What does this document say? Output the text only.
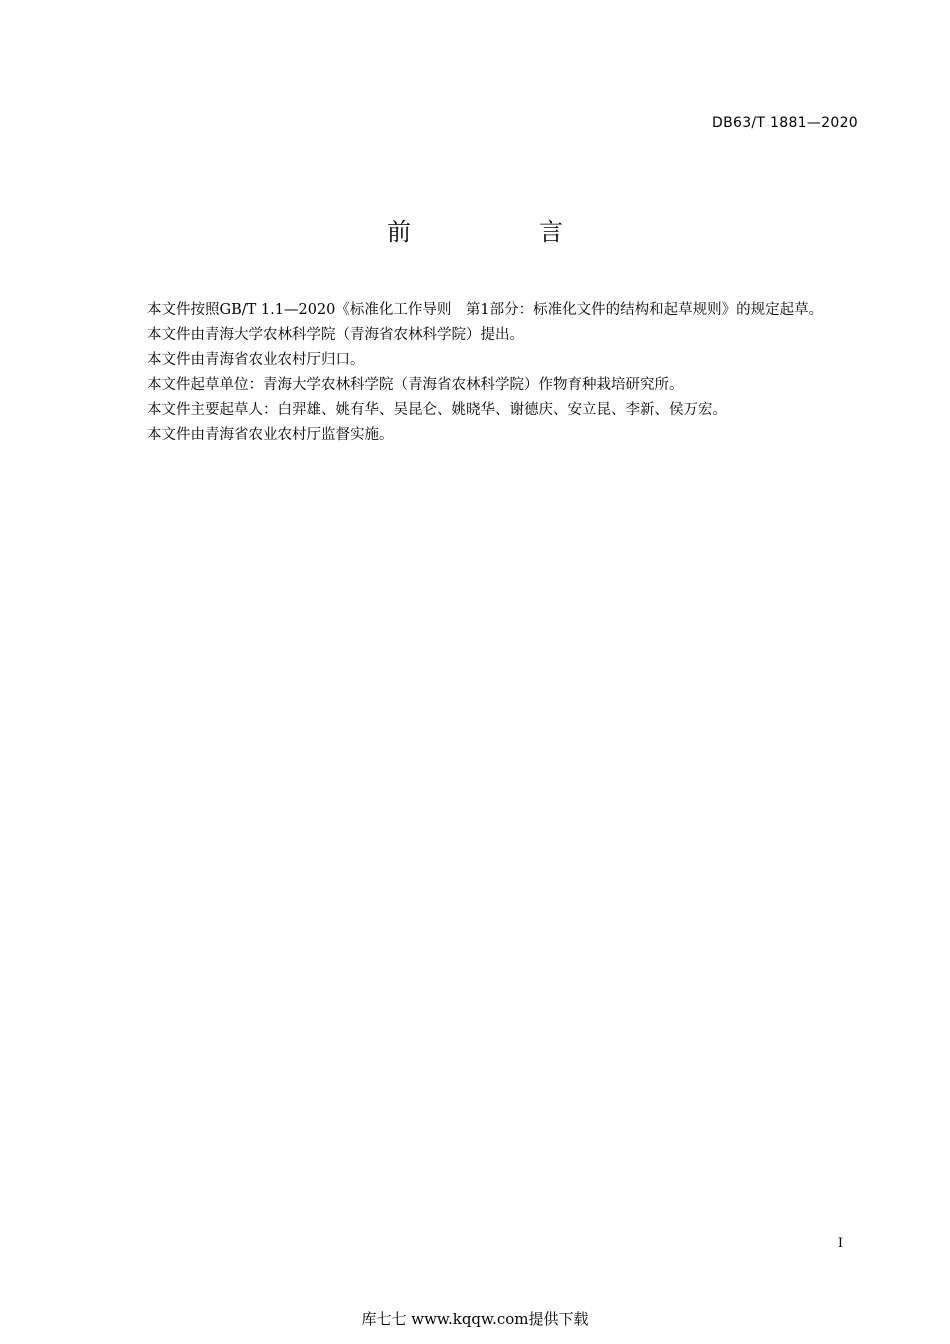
DB63/T 1881—2020
前　言

本文件按照GB/T 1.1—2020《标准化工作导则　第1部分：标准化文件的结构和起草规则》的规定起草。

本文件由青海大学农林科学院（青海省农林科学院）提出。

本文件由青海省农业农村厅归口。

本文件起草单位：青海大学农林科学院（青海省农林科学院）作物育种栽培研究所。

本文件主要起草人：白羿雄、姚有华、吴昆仑、姚晓华、谢德庆、安立昆、李新、侯万宏。

本文件由青海省农业农村厅监督实施。

I
库七七 www.kqqw.com提供下载
